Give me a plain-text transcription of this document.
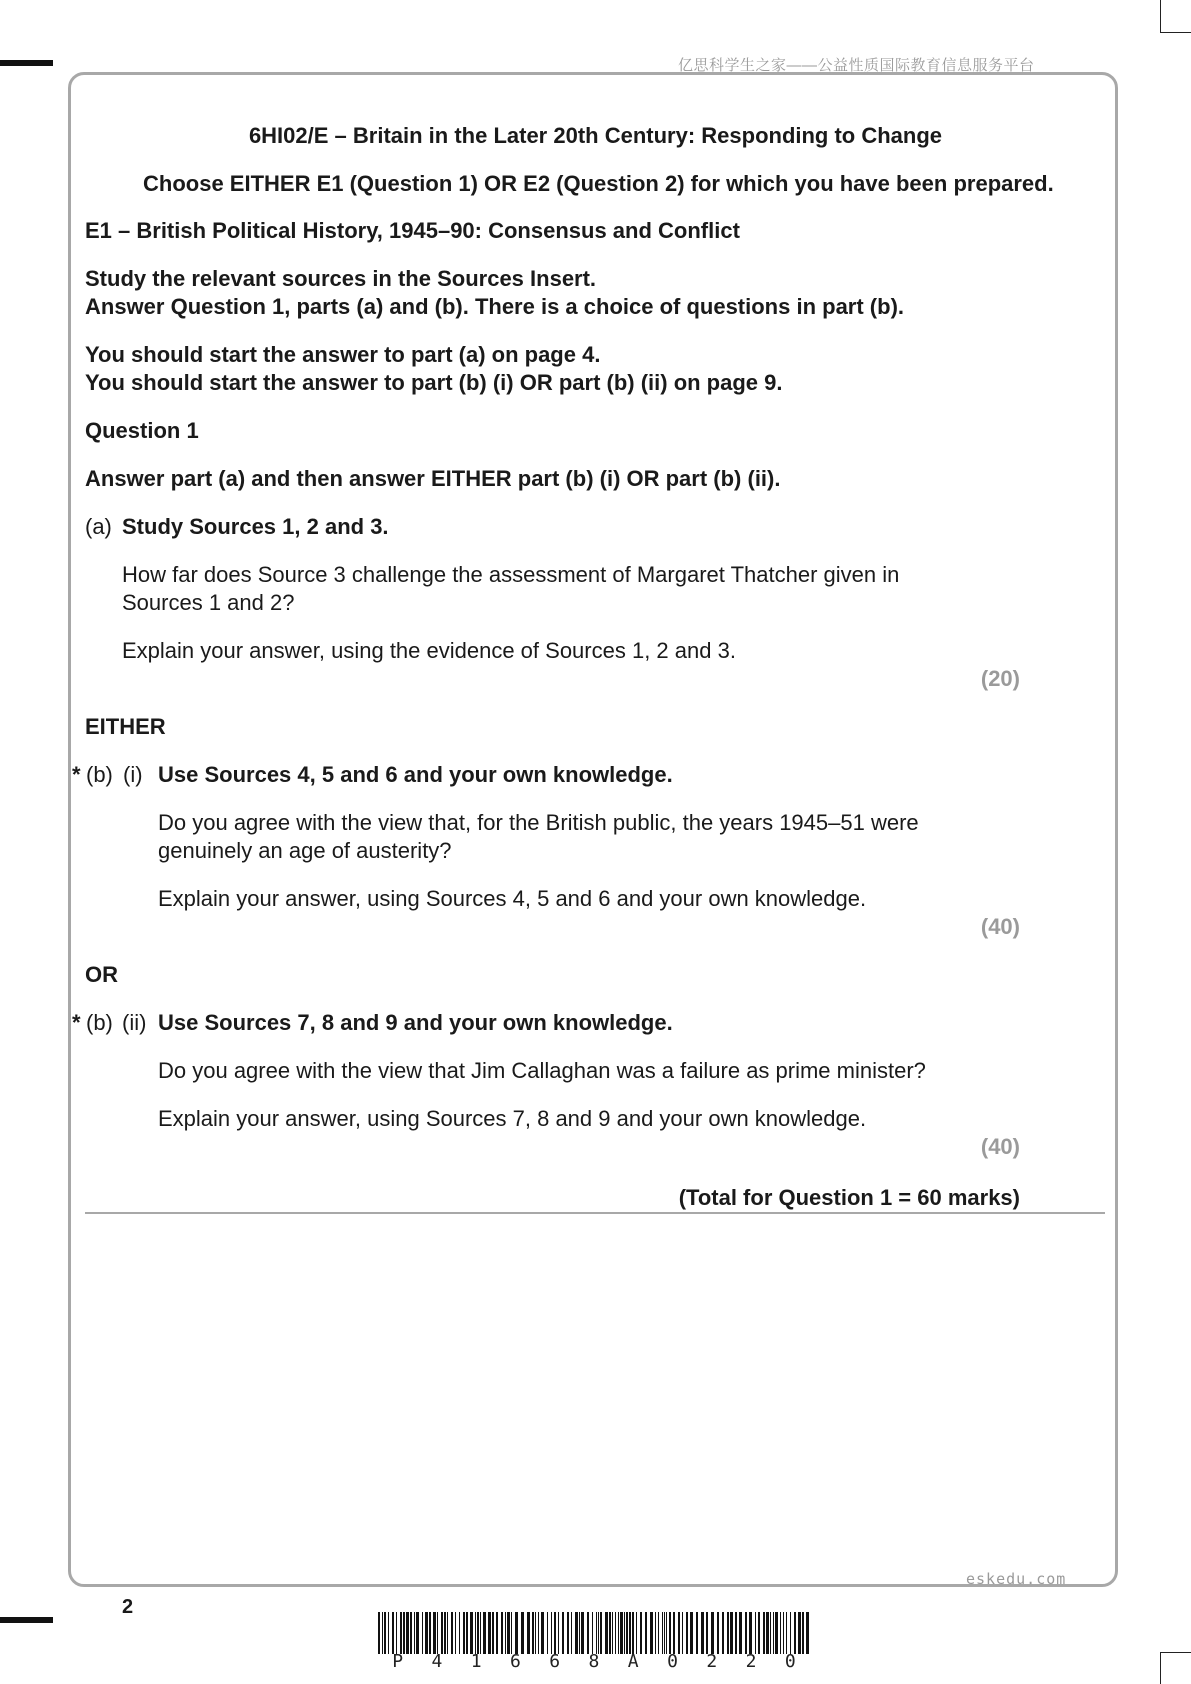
亿思科学生之家——公益性质国际教育信息服务平台
6HI02/E – Britain in the Later 20th Century: Responding to Change
Choose EITHER E1 (Question 1) OR E2 (Question 2) for which you have been prepared.
E1 – British Political History, 1945–90: Consensus and Conflict
Study the relevant sources in the Sources Insert.
Answer Question 1, parts (a) and (b). There is a choice of questions in part (b).
You should start the answer to part (a) on page 4.
You should start the answer to part (b) (i) OR part (b) (ii) on page 9.
Question 1
Answer part (a) and then answer EITHER part (b) (i) OR part (b) (ii).
(a) Study Sources 1, 2 and 3.
How far does Source 3 challenge the assessment of Margaret Thatcher given in
Sources 1 and 2?
Explain your answer, using the evidence of Sources 1, 2 and 3.
(20)
EITHER
* (b) (i) Use Sources 4, 5 and 6 and your own knowledge.
Do you agree with the view that, for the British public, the years 1945–51 were
genuinely an age of austerity?
Explain your answer, using Sources 4, 5 and 6 and your own knowledge.
(40)
OR
* (b) (ii) Use Sources 7, 8 and 9 and your own knowledge.
Do you agree with the view that Jim Callaghan was a failure as prime minister?
Explain your answer, using Sources 7, 8 and 9 and your own knowledge.
(40)
(Total for Question 1 = 60 marks)
eskedu.com
2
P 4 1 6 6 8 A 0 2 2 0
